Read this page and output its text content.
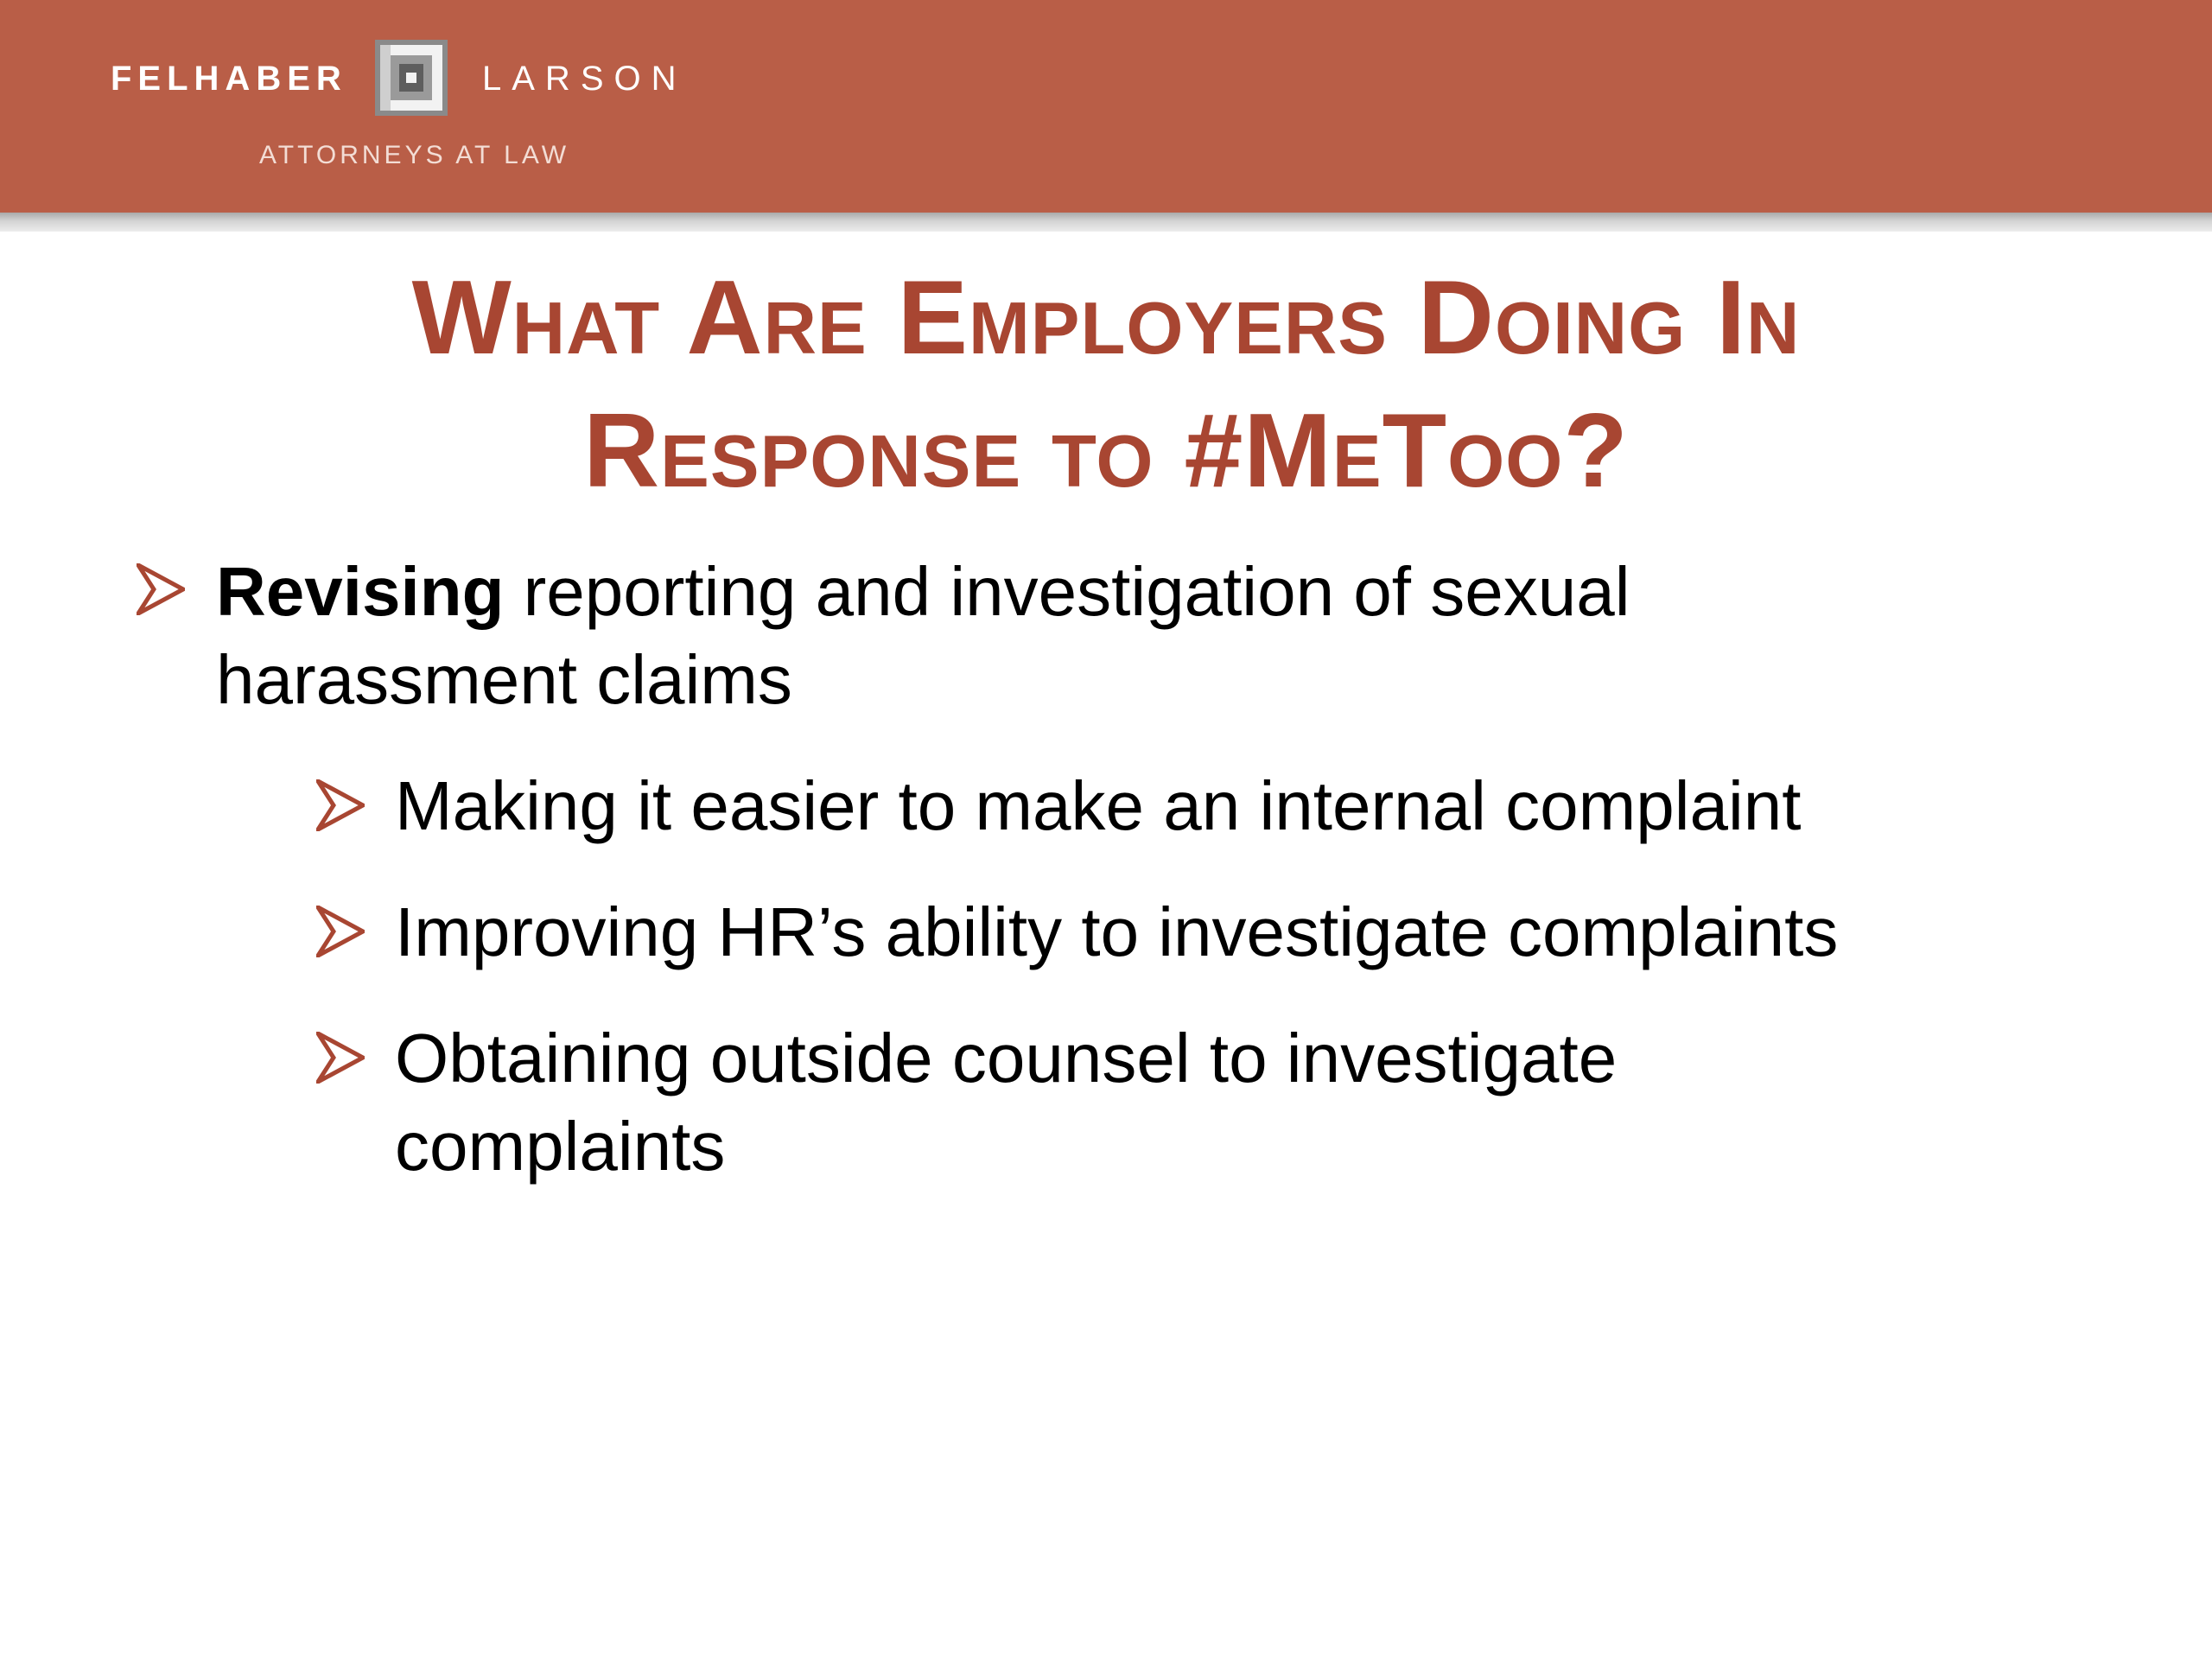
FELHABER	LARSON
ATTORNEYS AT LAW
What Are Employers Doing In
Response to #MeToo?
Revising reporting and investigation of sexual harassment claims
Making it easier to make an internal complaint
Improving HR’s ability to investigate complaints
Obtaining outside counsel to investigate complaints
